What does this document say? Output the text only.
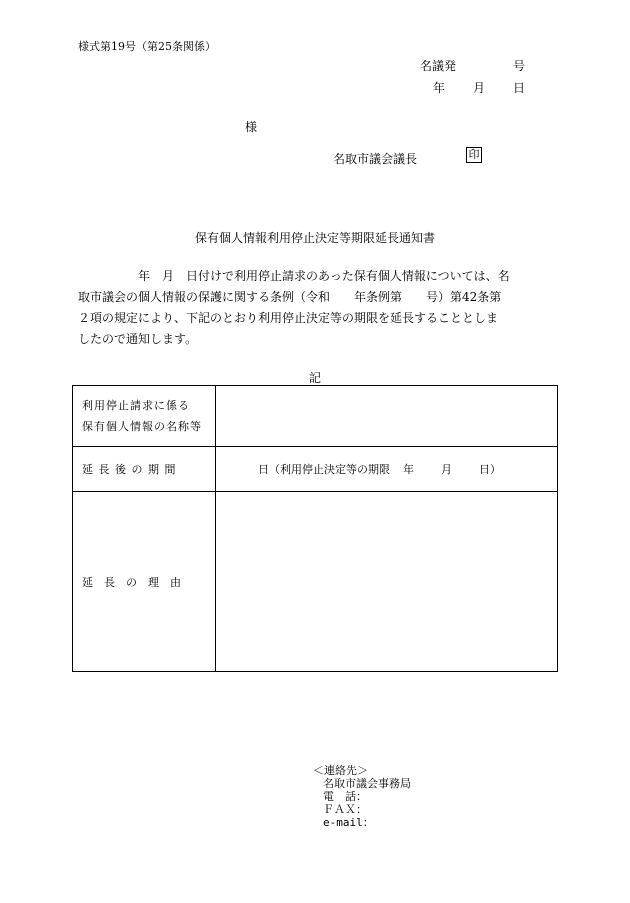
様式第19号（第25条関係）
名議発	号
年 月 日
様
名取市議会議長	印
保有個人情報利用停止決定等期限延長通知書
　　　　　年　月　日付けで利用停止請求のあった保有個人情報については、名
取市議会の個人情報の保護に関する条例（令和　　年条例第　　号）第42条第
２項の規定により、下記のとおり利用停止決定等の期限を延長することとしま
したので通知します。
記
利用停止請求に係る
保有個人情報の名称等	

延長後の期間	日（利用停止決定等の期限 年 月 日）
延長の理由	
＜連絡先＞
名取市議会事務局
電　話：
ＦＡＸ：
e-mail：
